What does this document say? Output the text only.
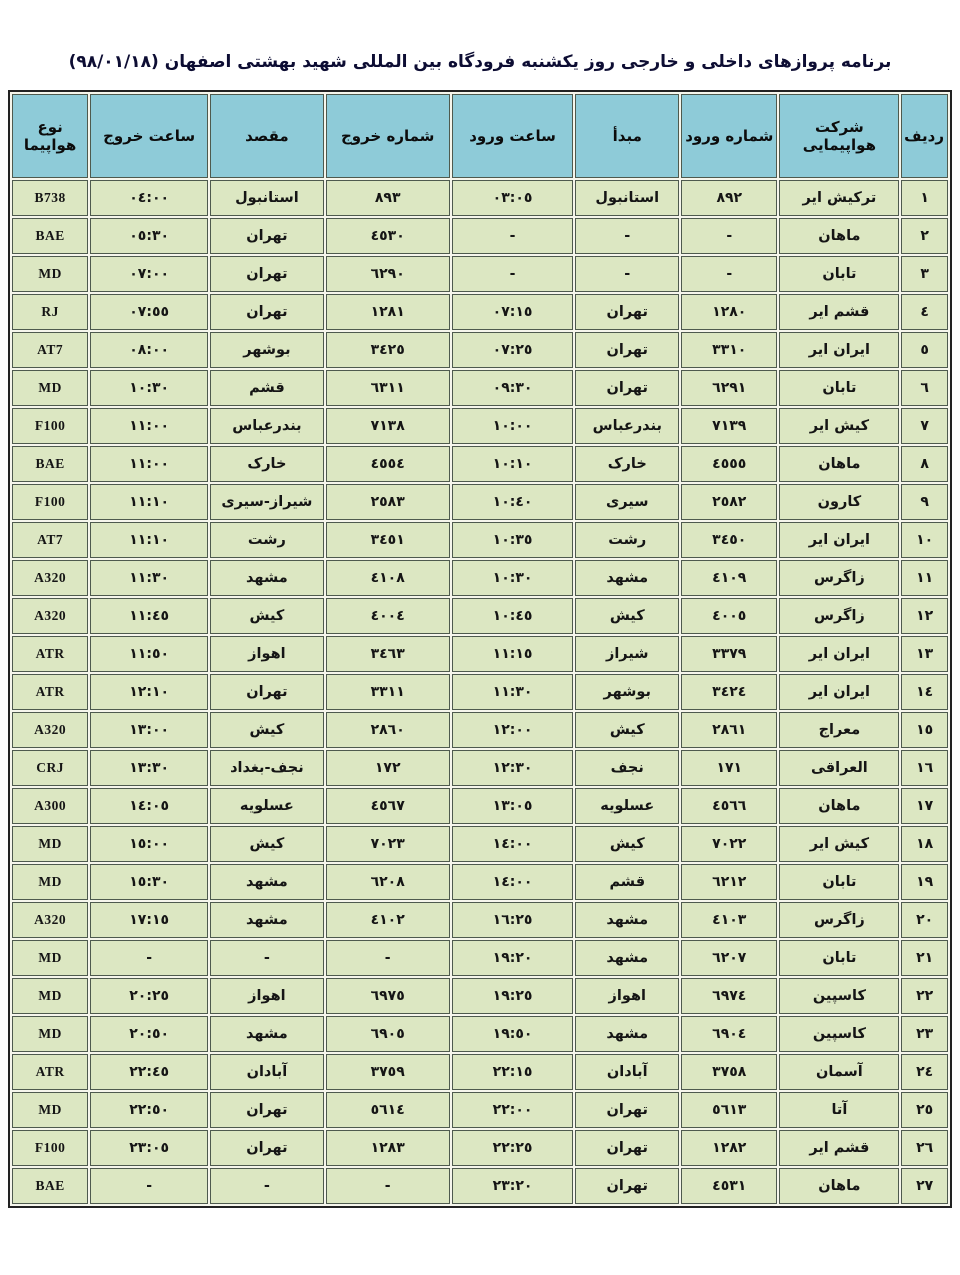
برنامه پروازهای داخلی و خارجی روز یکشنبه فرودگاه بین المللی شهید بهشتی اصفهان (٩٨/٠١/١٨)
ردیف	شرکت هواپیمایی	شماره ورود	مبدأ	ساعت ورود	شماره خروج	مقصد	ساعت خروج	نوع هواپیما
١	ترکیش ایر	٨٩٢	استانبول	٠٣:٠٥	٨٩٣	استانبول	٠٤:٠٠	B738
٢	ماهان	-	-	-	٤٥٣٠	تهران	٠٥:٣٠	BAE
٣	تابان	-	-	-	٦٢٩٠	تهران	٠٧:٠٠	MD
٤	قشم ایر	١٢٨٠	تهران	٠٧:١٥	١٢٨١	تهران	٠٧:٥٥	RJ
٥	ایران ایر	٣٣١٠	تهران	٠٧:٢٥	٣٤٢٥	بوشهر	٠٨:٠٠	AT7
٦	تابان	٦٢٩١	تهران	٠٩:٣٠	٦٣١١	قشم	١٠:٣٠	MD
٧	کیش ایر	٧١٣٩	بندرعباس	١٠:٠٠	٧١٣٨	بندرعباس	١١:٠٠	F100
٨	ماهان	٤٥٥٥	خارک	١٠:١٠	٤٥٥٤	خارک	١١:٠٠	BAE
٩	کارون	٢٥٨٢	سیری	١٠:٤٠	٢٥٨٣	شیراز-سیری	١١:١٠	F100
١٠	ایران ایر	٣٤٥٠	رشت	١٠:٣٥	٣٤٥١	رشت	١١:١٠	AT7
١١	زاگرس	٤١٠٩	مشهد	١٠:٣٠	٤١٠٨	مشهد	١١:٣٠	A320
١٢	زاگرس	٤٠٠٥	کیش	١٠:٤٥	٤٠٠٤	کیش	١١:٤٥	A320
١٣	ایران ایر	٣٣٧٩	شیراز	١١:١٥	٣٤٦٣	اهواز	١١:٥٠	ATR
١٤	ایران ایر	٣٤٢٤	بوشهر	١١:٣٠	٣٣١١	تهران	١٢:١٠	ATR
١٥	معراج	٢٨٦١	کیش	١٢:٠٠	٢٨٦٠	کیش	١٣:٠٠	A320
١٦	العراقی	١٧١	نجف	١٢:٣٠	١٧٢	نجف-بغداد	١٣:٣٠	CRJ
١٧	ماهان	٤٥٦٦	عسلویه	١٣:٠٥	٤٥٦٧	عسلویه	١٤:٠٥	A300
١٨	کیش ایر	٧٠٢٢	کیش	١٤:٠٠	٧٠٢٣	کیش	١٥:٠٠	MD
١٩	تابان	٦٢١٢	قشم	١٤:٠٠	٦٢٠٨	مشهد	١٥:٣٠	MD
٢٠	زاگرس	٤١٠٣	مشهد	١٦:٢٥	٤١٠٢	مشهد	١٧:١٥	A320
٢١	تابان	٦٢٠٧	مشهد	١٩:٢٠	-	-	-	MD
٢٢	کاسپین	٦٩٧٤	اهواز	١٩:٢٥	٦٩٧٥	اهواز	٢٠:٢٥	MD
٢٣	کاسپین	٦٩٠٤	مشهد	١٩:٥٠	٦٩٠٥	مشهد	٢٠:٥٠	MD
٢٤	آسمان	٣٧٥٨	آبادان	٢٢:١٥	٣٧٥٩	آبادان	٢٢:٤٥	ATR
٢٥	آتا	٥٦١٣	تهران	٢٢:٠٠	٥٦١٤	تهران	٢٢:٥٠	MD
٢٦	قشم ایر	١٢٨٢	تهران	٢٢:٢٥	١٢٨٣	تهران	٢٣:٠٥	F100
٢٧	ماهان	٤٥٣١	تهران	٢٣:٢٠	-	-	-	BAE
